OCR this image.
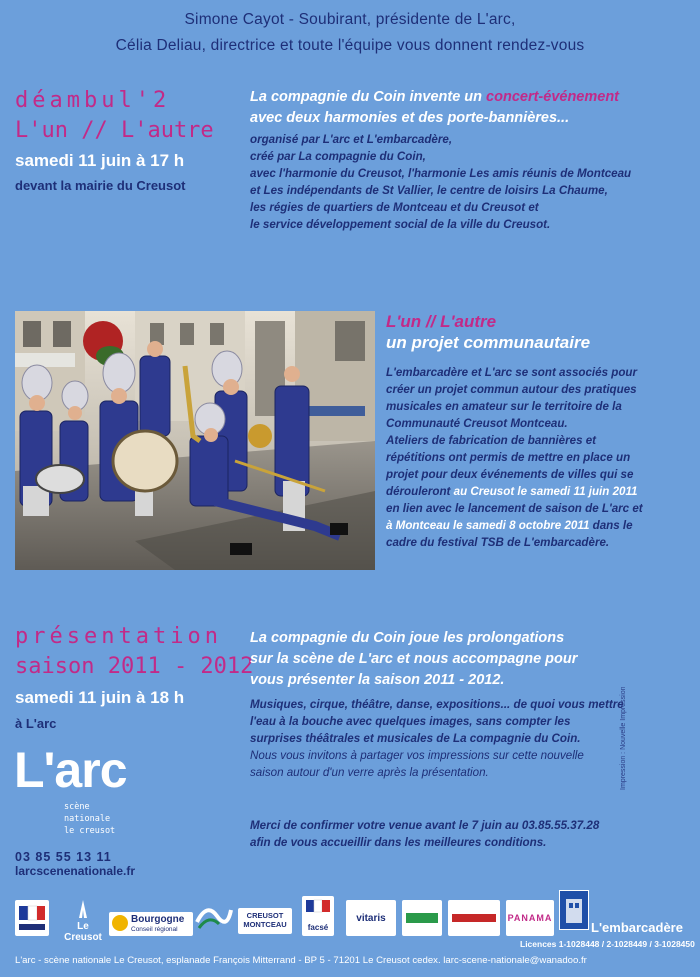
Simone Cayot - Soubirant, présidente de L'arc,
Célia Deliau, directrice et toute l'équipe vous donnent rendez-vous
déambul'2
L'un // L'autre
samedi 11 juin à 17 h
devant la mairie du Creusot
La compagnie du Coin invente un concert-événement
avec deux harmonies et des porte-bannières...
organisé par L'arc et L'embarcadère,
créé par La compagnie du Coin,
avec l'harmonie du Creusot, l'harmonie Les amis réunis de Montceau
et Les indépendants de St Vallier, le centre de loisirs La Chaume,
les régies de quartiers de Montceau et du Creusot et
le service développement social de la ville du Creusot.
L'un // L'autre
un projet communautaire
L'embarcadère et L'arc se sont associés pour
créer un projet commun autour des pratiques
musicales en amateur sur le territoire de la
Communauté Creusot Montceau.
Ateliers de fabrication de bannières et
répétitions ont permis de mettre en place un
projet pour deux événements de villes qui se
dérouleront au Creusot le samedi 11 juin 2011
en lien avec le lancement de saison de L'arc et
à Montceau le samedi 8 octobre 2011 dans le
cadre du festival TSB de L'embarcadère.
présentation
saison 2011 - 2012
samedi 11 juin à 18 h
à L'arc
La compagnie du Coin joue les prolongations
sur la scène de L'arc et nous accompagne pour
vous présenter la saison 2011 - 2012.
Musiques, cirque, théâtre, danse, expositions... de quoi vous mettre
l'eau à la bouche avec quelques images, sans compter les
surprises théâtrales et musicales de La compagnie du Coin.
Nous vous invitons à partager vos impressions sur cette nouvelle
saison autour d'un verre après la présentation.
Merci de confirmer votre venue avant le 7 juin au 03.85.55.37.28
afin de vous accueillir dans les meilleures conditions.
L'arc
scène
nationale
le creusot
03 85 55 13 11
larcscenenationale.fr
Impression : Nouvelle Impression
Le Creusot
Bourgogne
Conseil régional
CREUSOT MONTCEAU	facsé
vitaris	PANAMA
L'embarcadère
Licences 1-1028448 / 2-1028449 / 3-1028450
L'arc - scène nationale Le Creusot, esplanade François Mitterrand - BP 5 - 71201 Le Creusot cedex. larc-scene-nationale@wanadoo.fr
